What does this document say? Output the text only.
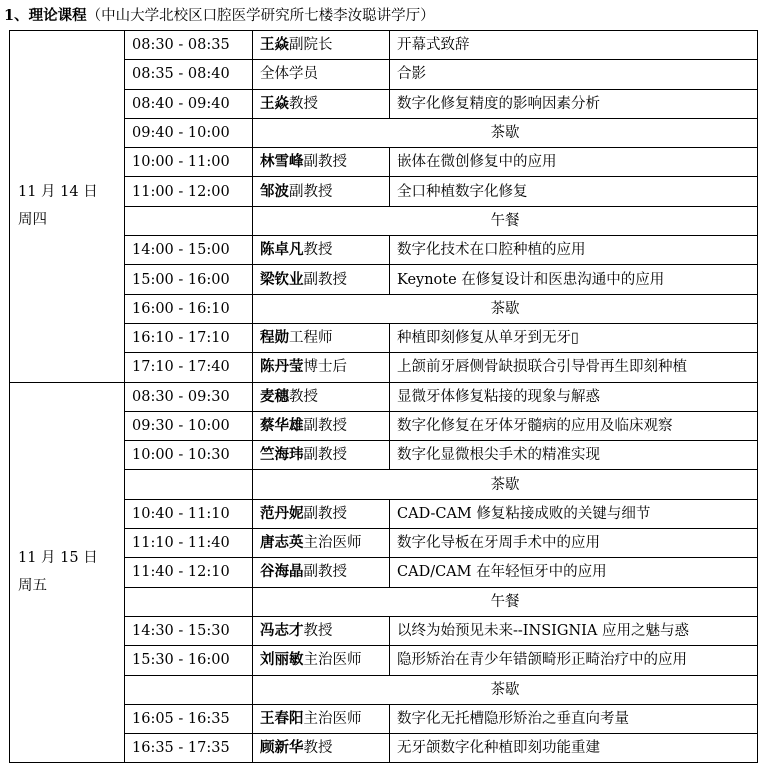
1、理论课程（中山大学北校区口腔医学研究所七楼李汝聪讲学厅）
11 月 14 日
周四	08:30 - 08:35	王焱副院长	开幕式致辞
	08:35 - 08:40	全体学员	合影
	08:40 - 09:40	王焱教授	数字化修复精度的影响因素分析
	09:40 - 10:00	茶歇	
	10:00 - 11:00	林雪峰副教授	嵌体在微创修复中的应用
	11:00 - 12:00	邹波副教授	全口种植数字化修复
		午餐	
	14:00 - 15:00	陈卓凡教授	数字化技术在口腔种植的应用
	15:00 - 16:00	梁钦业副教授	Keynote 在修复设计和医患沟通中的应用
	16:00 - 16:10	茶歇	
	16:10 - 17:10	程勋工程师	种植即刻修复从单牙到无牙▯
	17:10 - 17:40	陈丹莹博士后	上颌前牙唇侧骨缺损联合引导骨再生即刻种植

11 月 15 日
周五	08:30 - 09:30	麦穗教授	显微牙体修复粘接的现象与解惑
	09:30 - 10:00	蔡华雄副教授	数字化修复在牙体牙髓病的应用及临床观察
	10:00 - 10:30	竺海玮副教授	数字化显微根尖手术的精准实现
		茶歇	
	10:40 - 11:10	范丹妮副教授	CAD-CAM 修复粘接成败的关键与细节
	11:10 - 11:40	唐志英主治医师	数字化导板在牙周手术中的应用
	11:40 - 12:10	谷海晶副教授	CAD/CAM 在年轻恒牙中的应用
		午餐	
	14:30 - 15:30	冯志才教授	以终为始预见未来--INSIGNIA 应用之魅与惑
	15:30 - 16:00	刘丽敏主治医师	隐形矫治在青少年错颌畸形正畸治疗中的应用
		茶歇	
	16:05 - 16:35	王春阳主治医师	数字化无托槽隐形矫治之垂直向考量
	16:35 - 17:35	顾新华教授	无牙颌数字化种植即刻功能重建
